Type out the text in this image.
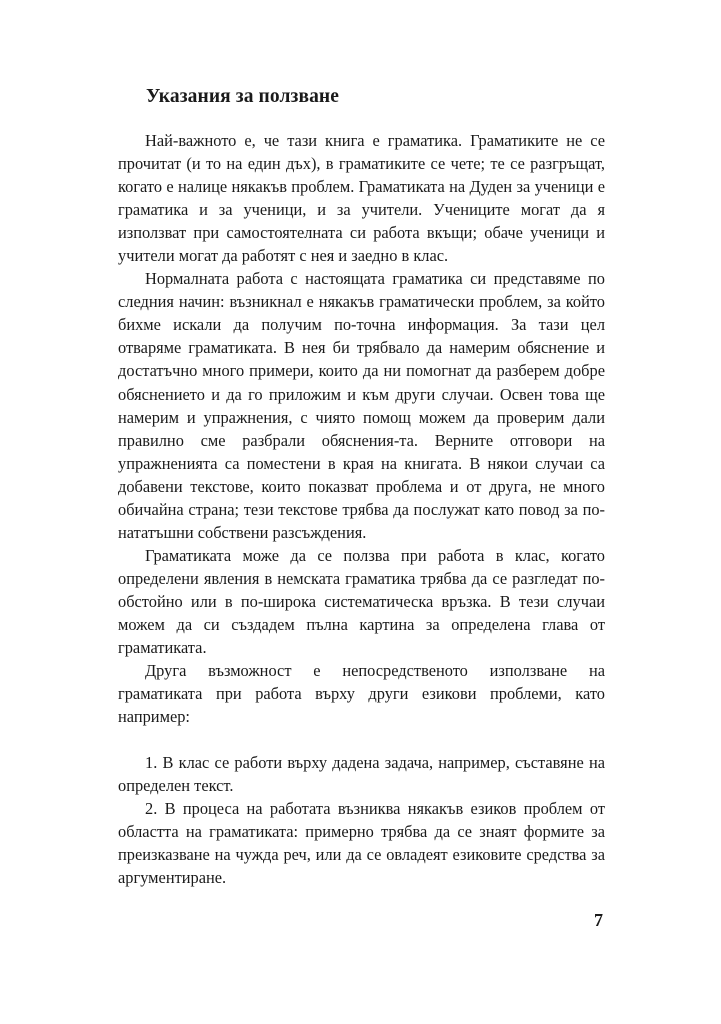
Указания за ползване

Най-важното е, че тази книга е граматика. Граматиките не се прочитат (и то на един дъх), в граматиките се четe; те се разгръщат, когато е налице някакъв проблем. Граматиката на Дуден за ученици е граматика и за ученици, и за учители. Учениците могат да я използват при самостоятелната си работа вкъщи; обаче ученици и учители могат да работят с нея и заедно в клас.

Нормалната работа с настоящата граматика си представяме по следния начин: възникнал е някакъв граматически проблем, за който бихме искали да получим по-точна информация. За тази цел отваряме граматиката. В нея би трябвало да намерим обяснение и достатъчно много примери, които да ни помогнат да разберем добре обяснението и да го приложим и към други случаи. Освен това ще намерим и упражнения, с чиято помощ можем да проверим дали правилно сме разбрали обяснения-та. Верните отговори на упражненията са поместени в края на книгата. В някои случаи са добавени текстове, които показват проблема и от друга, не много обичайна страна; тези текстове трябва да послужат като повод за по-нататъшни собствени разсъждения.

Граматиката може да се ползва при работа в клас, когато определени явления в немската граматика трябва да се разгледат по-обстойно или в по-широка систематическа връзка. В тези случаи можем да си създадем пълна картина за определена глава от граматиката.

Друга възможност е непосредственото използване на граматиката при работа върху други езикови проблеми, като например:

1. В клас се работи върху дадена задача, например, съставяне на определен текст.

2. В процеса на работата възниква някакъв езиков проблем от областта на граматиката: примерно трябва да се знаят формите за преизказване на чужда реч, или да се овладеят езиковите средства за аргументиране.

7
